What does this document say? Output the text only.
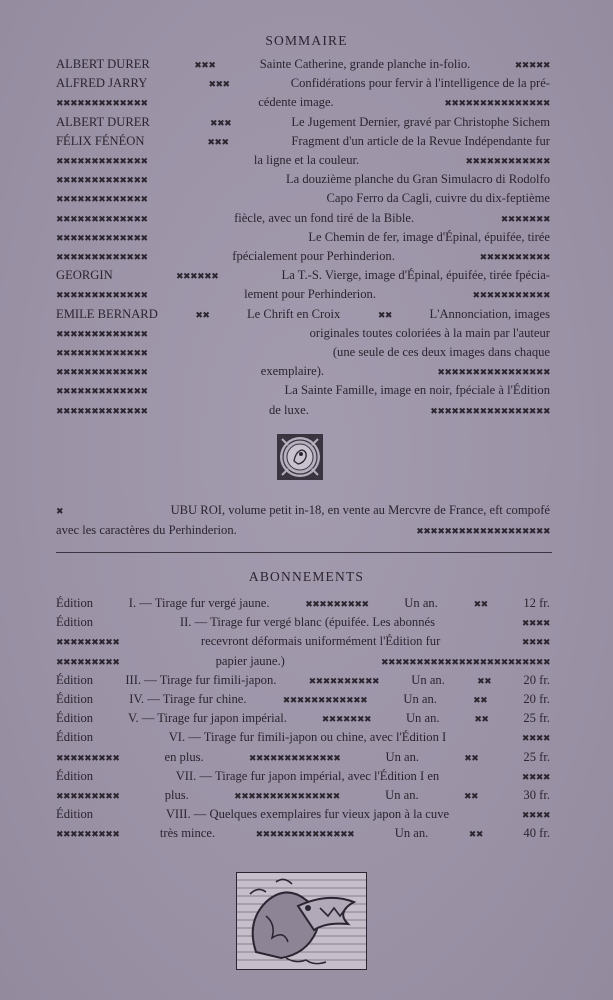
SOMMAIRE
ALBERT DURER	✖✖✖	Sainte Catherine, grande planche in-folio.	✖✖✖✖✖
ALFRED JARRY	✖✖✖	Confidérations pour fervir à l'intelligence de la pré-
✖✖✖✖✖✖✖✖✖✖✖✖✖	cédente image.	✖✖✖✖✖✖✖✖✖✖✖✖✖✖✖
ALBERT DURER	✖✖✖	Le Jugement Dernier, gravé par Christophe Sichem
FÉLIX FÉNÉON	✖✖✖	Fragment d'un article de la Revue Indépendante fur
✖✖✖✖✖✖✖✖✖✖✖✖✖	la ligne et la couleur.	✖✖✖✖✖✖✖✖✖✖✖✖
✖✖✖✖✖✖✖✖✖✖✖✖✖	La douzième planche du Gran Simulacro di Rodolfo
✖✖✖✖✖✖✖✖✖✖✖✖✖	Capo Ferro da Cagli, cuivre du dix-feptième
✖✖✖✖✖✖✖✖✖✖✖✖✖	fiècle, avec un fond tiré de la Bible.	✖✖✖✖✖✖✖
✖✖✖✖✖✖✖✖✖✖✖✖✖	Le Chemin de fer, image d'Épinal, épuifée, tirée
✖✖✖✖✖✖✖✖✖✖✖✖✖	fpécialement pour Perhinderion.	✖✖✖✖✖✖✖✖✖✖
GEORGIN	✖✖✖✖✖✖	La T.-S. Vierge, image d'Épinal, épuifée, tirée fpécia-
✖✖✖✖✖✖✖✖✖✖✖✖✖	lement pour Perhinderion.	✖✖✖✖✖✖✖✖✖✖✖
EMILE BERNARD	✖✖	Le Chrift en Croix	✖✖	L'Annonciation, images
✖✖✖✖✖✖✖✖✖✖✖✖✖	originales toutes coloriées à la main par l'auteur
✖✖✖✖✖✖✖✖✖✖✖✖✖	(une seule de ces deux images dans chaque
✖✖✖✖✖✖✖✖✖✖✖✖✖	exemplaire).	✖✖✖✖✖✖✖✖✖✖✖✖✖✖✖✖
✖✖✖✖✖✖✖✖✖✖✖✖✖	La Sainte Famille, image en noir, fpéciale à l'Édition
✖✖✖✖✖✖✖✖✖✖✖✖✖	de luxe.	✖✖✖✖✖✖✖✖✖✖✖✖✖✖✖✖✖
✖	UBU ROI, volume petit in-18, en vente au Mercvre de France, eft compofé
avec les caractères du Perhinderion.	✖✖✖✖✖✖✖✖✖✖✖✖✖✖✖✖✖✖✖
ABONNEMENTS
Édition	I. — Tirage fur vergé jaune.	✖✖✖✖✖✖✖✖✖	Un an.	✖✖	12 fr.
Édition	II. — Tirage fur vergé blanc (épuifée. Les abonnés	✖✖✖✖
✖✖✖✖✖✖✖✖✖	recevront déformais uniformément l'Édition fur	✖✖✖✖
✖✖✖✖✖✖✖✖✖	papier jaune.)	✖✖✖✖✖✖✖✖✖✖✖✖✖✖✖✖✖✖✖✖✖✖✖✖
Édition	III. — Tirage fur fimili-japon.	✖✖✖✖✖✖✖✖✖✖	Un an.	✖✖	20 fr.
Édition	IV. — Tirage fur chine.	✖✖✖✖✖✖✖✖✖✖✖✖	Un an.	✖✖	20 fr.
Édition	V. — Tirage fur japon impérial.	✖✖✖✖✖✖✖	Un an.	✖✖	25 fr.
Édition	VI. — Tirage fur fimili-japon ou chine, avec l'Édition I	✖✖✖✖
✖✖✖✖✖✖✖✖✖	en plus.	✖✖✖✖✖✖✖✖✖✖✖✖✖	Un an.	✖✖	25 fr.
Édition	VII. — Tirage fur japon impérial, avec l'Édition I en	✖✖✖✖
✖✖✖✖✖✖✖✖✖	plus.	✖✖✖✖✖✖✖✖✖✖✖✖✖✖✖	Un an.	✖✖	30 fr.
Édition	VIII. — Quelques exemplaires fur vieux japon à la cuve	✖✖✖✖
✖✖✖✖✖✖✖✖✖	très mince.	✖✖✖✖✖✖✖✖✖✖✖✖✖✖	Un an.	✖✖	40 fr.
